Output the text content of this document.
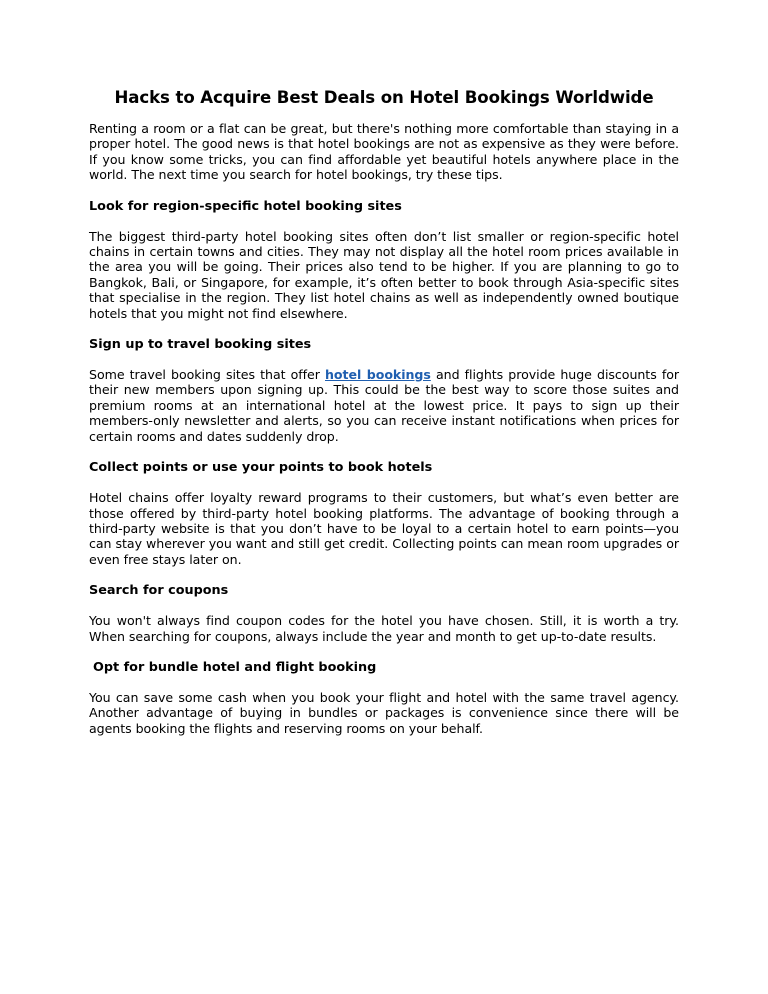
Hacks to Acquire Best Deals on Hotel Bookings Worldwide

Renting a room or a flat can be great, but there's nothing more comfortable than staying in a proper hotel. The good news is that hotel bookings are not as expensive as they were before. If you know some tricks, you can find affordable yet beautiful hotels anywhere place in the world. The next time you search for hotel bookings, try these tips.

Look for region-specific hotel booking sites

The biggest third-party hotel booking sites often don’t list smaller or region-specific hotel chains in certain towns and cities. They may not display all the hotel room prices available in the area you will be going. Their prices also tend to be higher. If you are planning to go to Bangkok, Bali, or Singapore, for example, it’s often better to book through Asia-specific sites that specialise in the region. They list hotel chains as well as independently owned boutique hotels that you might not find elsewhere.

Sign up to travel booking sites

Some travel booking sites that offer hotel bookings and flights provide huge discounts for their new members upon signing up. This could be the best way to score those suites and premium rooms at an international hotel at the lowest price. It pays to sign up their members-only newsletter and alerts, so you can receive instant notifications when prices for certain rooms and dates suddenly drop.

Collect points or use your points to book hotels

Hotel chains offer loyalty reward programs to their customers, but what’s even better are those offered by third-party hotel booking platforms. The advantage of booking through a third-party website is that you don’t have to be loyal to a certain hotel to earn points—you can stay wherever you want and still get credit. Collecting points can mean room upgrades or even free stays later on.

Search for coupons

You won't always find coupon codes for the hotel you have chosen. Still, it is worth a try. When searching for coupons, always include the year and month to get up-to-date results.

Opt for bundle hotel and flight booking

You can save some cash when you book your flight and hotel with the same travel agency. Another advantage of buying in bundles or packages is convenience since there will be agents booking the flights and reserving rooms on your behalf.
